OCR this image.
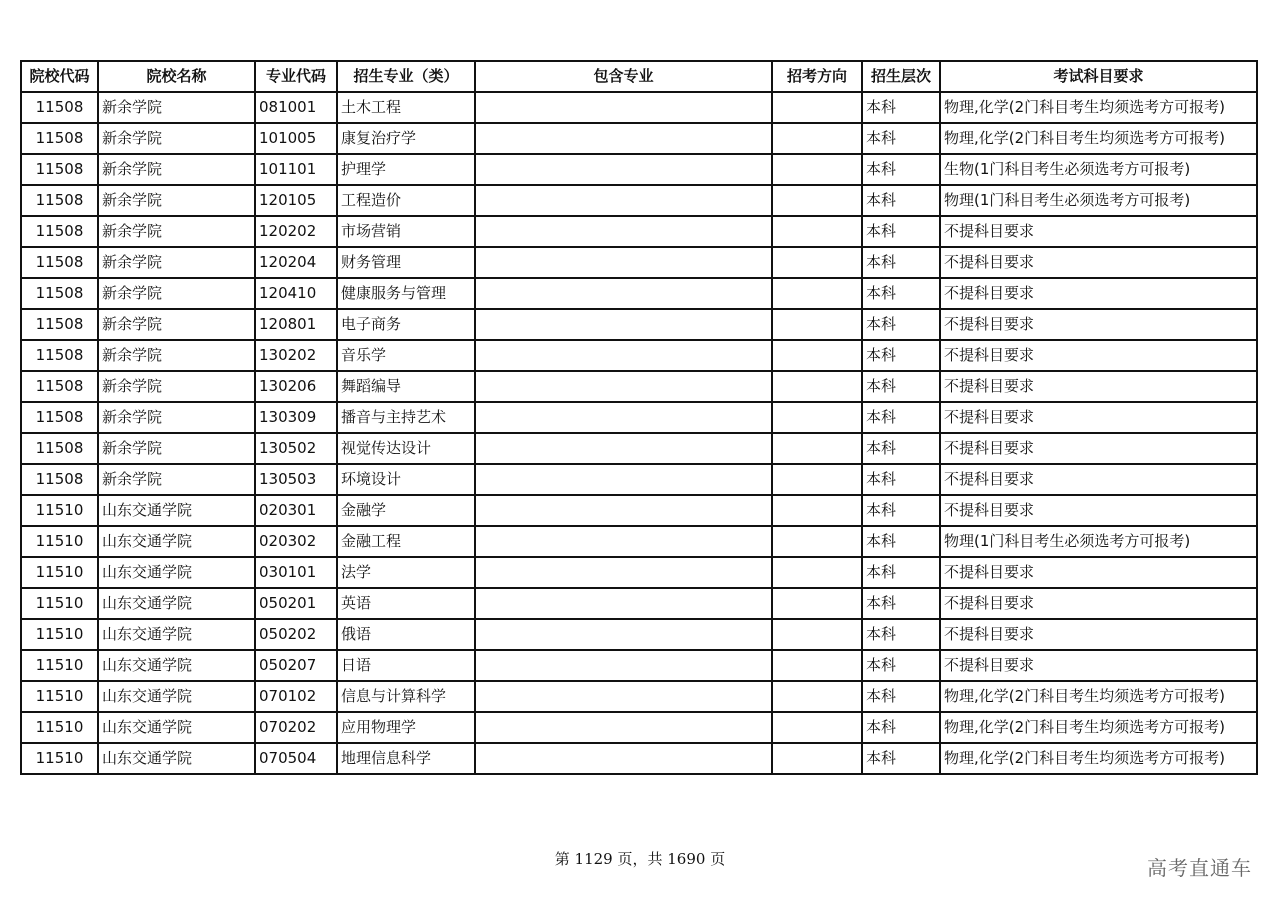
院校代码	院校名称	专业代码	招生专业（类）	包含专业	招考方向	招生层次	考试科目要求
11508	新余学院	081001	土木工程			本科	物理,化学(2门科目考生均须选考方可报考)
11508	新余学院	101005	康复治疗学			本科	物理,化学(2门科目考生均须选考方可报考)
11508	新余学院	101101	护理学			本科	生物(1门科目考生必须选考方可报考)
11508	新余学院	120105	工程造价			本科	物理(1门科目考生必须选考方可报考)
11508	新余学院	120202	市场营销			本科	不提科目要求
11508	新余学院	120204	财务管理			本科	不提科目要求
11508	新余学院	120410	健康服务与管理			本科	不提科目要求
11508	新余学院	120801	电子商务			本科	不提科目要求
11508	新余学院	130202	音乐学			本科	不提科目要求
11508	新余学院	130206	舞蹈编导			本科	不提科目要求
11508	新余学院	130309	播音与主持艺术			本科	不提科目要求
11508	新余学院	130502	视觉传达设计			本科	不提科目要求
11508	新余学院	130503	环境设计			本科	不提科目要求
11510	山东交通学院	020301	金融学			本科	不提科目要求
11510	山东交通学院	020302	金融工程			本科	物理(1门科目考生必须选考方可报考)
11510	山东交通学院	030101	法学			本科	不提科目要求
11510	山东交通学院	050201	英语			本科	不提科目要求
11510	山东交通学院	050202	俄语			本科	不提科目要求
11510	山东交通学院	050207	日语			本科	不提科目要求
11510	山东交通学院	070102	信息与计算科学			本科	物理,化学(2门科目考生均须选考方可报考)
11510	山东交通学院	070202	应用物理学			本科	物理,化学(2门科目考生均须选考方可报考)
11510	山东交通学院	070504	地理信息科学			本科	物理,化学(2门科目考生均须选考方可报考)
第 1129 页，共 1690 页	高考直通车
